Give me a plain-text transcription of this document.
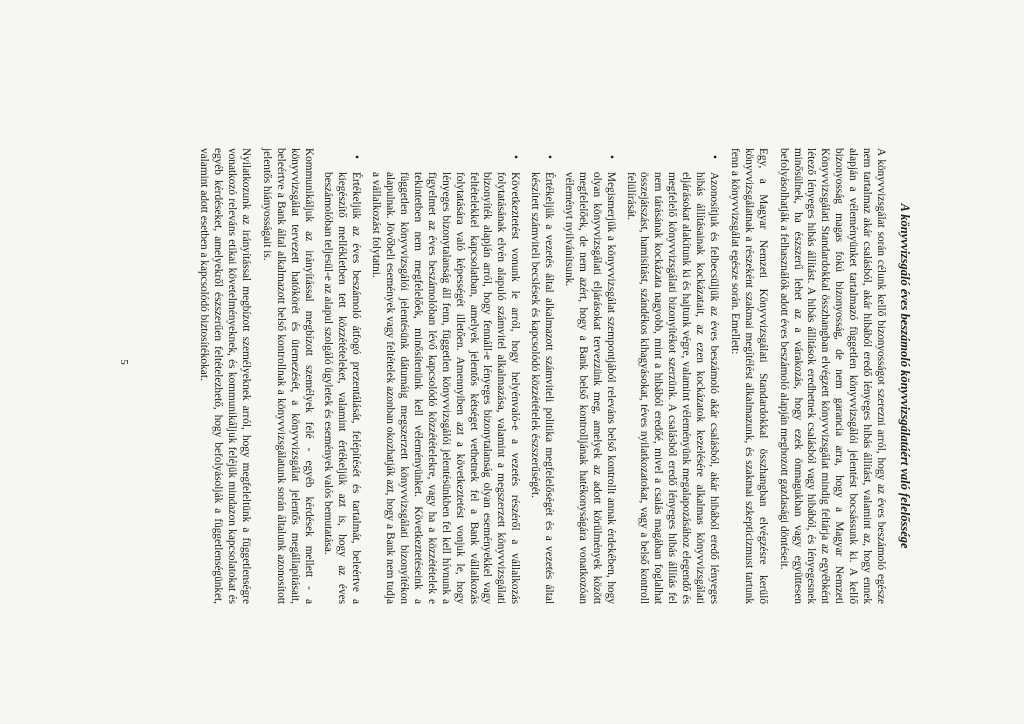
A könyvvizsgáló éves beszámoló könyvvizsgálatáért való felelőssége

A könyvvizsgálat során célunk kellő bizonyosságot szerezni arról, hogy az éves beszámoló egésze nem tartalmaz akár csalásból, akár hibából eredő lényeges hibás állítást, valamint az, hogy ennek alapján a véleményünket tartalmazó független könyvvizsgálói jelentést bocsássunk ki. A kellő bizonyosság magas fokú bizonyosság, de nem garancia arra, hogy a Magyar Nemzeti Könyvvizsgálati Standardokkal összhangban elvégzett könyvvizsgálat mindig feltárja az egyébként létező lényeges hibás állítást. A hibás állítások eredhetnek csalásból vagy hibából, és lényegesnek minősülnek, ha észszerű lehet az a várakozás, hogy ezek önmagukban vagy együttesen befolyásolhatják a felhasználók adott éves beszámoló alapján meghozott gazdasági döntéseit.

Egy, a Magyar Nemzeti Könyvvizsgálati Standardokkal összhangban elvégzésre kerülő könyvvizsgálatnak a részeként szakmai megítélést alkalmazunk, és szakmai szkepticizmust tartunk fenn a könyvvizsgálat egésze során. Emellett:

•
Azonosítjuk és felbecsüljük az éves beszámoló akár csalásból, akár hibából eredő lényeges hibás állításainak kockázatait, az ezen kockázatok kezelésére alkalmas könyvvizsgálati eljárásokat alakítunk ki és hajtunk végre, valamint véleményünk megalapozásához elegendő és megfelelő könyvvizsgálati bizonyítékot szerzünk. A csalásból eredő lényeges hibás állítás fel nem tárásának kockázata nagyobb, mint a hibából eredőé, mivel a csalás magában foglalhat összejátszást, hamisítást, szándékos kihagyásokat, téves nyilatkozatokat, vagy a belső kontroll felülírását.
•
Megismerjük a könyvvizsgálat szempontjából releváns belső kontrollt annak érdekében, hogy olyan könyvvizsgálati eljárásokat tervezzünk meg, amelyek az adott körülmények között megfelelőek, de nem azért, hogy a Bank belső kontrolljának hatékonyságára vonatkozóan véleményt nyilvánítsunk.
•
Értékeljük a vezetés által alkalmazott számviteli politika megfelelőségét és a vezetés által készített számviteli becslések és kapcsolódó közzétételek észszerűségét.
•
Következtetést vonunk le arról, hogy helyénvaló-e a vezetés részéről a vállalkozás folytatásának elvén alapuló számvitel alkalmazása, valamint a megszerzett könyvvizsgálati bizonyíték alapján arról, hogy fennáll-e lényeges bizonytalanság olyan eseményekkel vagy feltételekkel kapcsolatban, amelyek jelentős kétséget vethetnek fel a Bank vállalkozás folytatására való képességét illetően. Amennyiben azt a következtetést vonjuk le, hogy lényeges bizonytalanság áll fenn, független könyvvizsgálói jelentésünkben fel kell hívnunk a figyelmet az éves beszámolóban lévő kapcsolódó közzétételekre, vagy ha a közzétételek e tekintetben nem megfelelőek, minősítenünk kell véleményünket. Következtetéseink a független könyvvizsgálói jelentésünk dátumáig megszerzett könyvvizsgálati bizonyítékon alapulnak. Jövőbeli események vagy feltételek azonban okozhatják azt, hogy a Bank nem tudja a vállalkozást folytatni.
•
Értékeljük az éves beszámoló átfogó prezentálását, felépítését és tartalmát, beleértve a kiegészítő mellékletben tett közzétételeket, valamint értékeljük azt is, hogy az éves beszámolóban teljesül-e az alapul szolgáló ügyletek és események valós bemutatása.

Kommunikáljuk az irányítással megbízott személyek felé - egyéb kérdések mellett - a könyvvizsgálat tervezett hatókörét és ütemezését, a könyvvizsgálat jelentős megállapításait, beleértve a Bank által alkalmazott belső kontrollnak a könyvvizsgálatunk során általunk azonosított jelentős hiányosságait is.

Nyilatkozunk az irányítással megbízott személyeknek arról, hogy megfeleltünk a függetlenségre vonatkozó releváns etikai követelményeknek, és kommunikáljuk feléjük mindazon kapcsolatokat és egyéb kérdéseket, amelyekről észszerűen feltételezhető, hogy befolyásolják a függetlenségünket, valamint adott esetben a kapcsolódó biztosítékokat.

5
